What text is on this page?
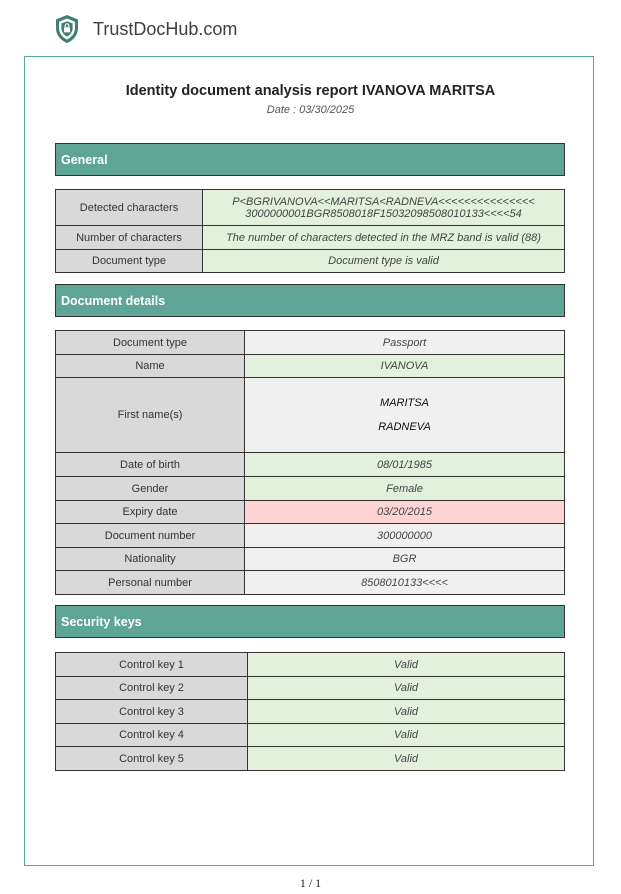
TrustDocHub.com
Identity document analysis report IVANOVA MARITSA
Date : 03/30/2025
General
Detected characters	P<BGRIVANOVA<<MARITSA<RADNEVA<<<<<<<<<<<<<<<
3000000001BGR8508018F15032098508010133<<<<54

Number of characters	The number of characters detected in the MRZ band is valid (88)
Document type	Document type is valid
Document details
Document type	Passport
Name	IVANOVA
First name(s)	MARITSA
RADNEVA

Date of birth	08/01/1985
Gender	Female
Expiry date	03/20/2015
Document number	300000000
Nationality	BGR
Personal number	8508010133<<<<
Security keys
Control key 1	Valid
Control key 2	Valid
Control key 3	Valid
Control key 4	Valid
Control key 5	Valid
1 / 1
